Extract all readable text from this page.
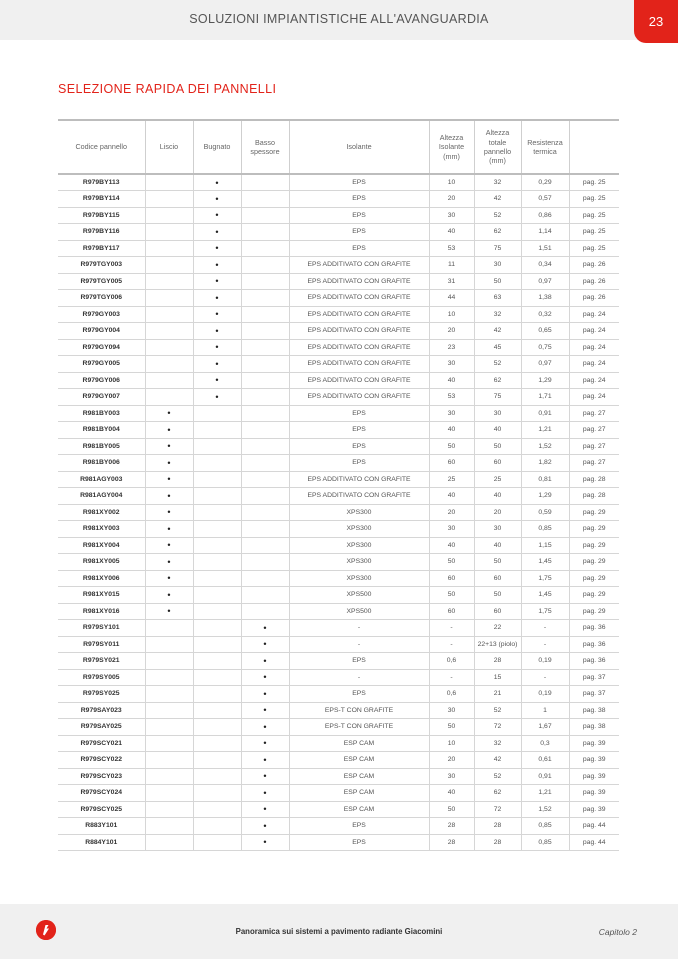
SOLUZIONI IMPIANTISTICHE ALL'AVANGUARDIA	23
SELEZIONE RAPIDA DEI PANNELLI
Codice pannello	Liscio	Bugnato	Basso spessore	Isolante	Altezza Isolante (mm)	Altezza totale pannello (mm)	Resistenza termica	
R979BY113		•		EPS	10	32	0,29	pag. 25
R979BY114		•		EPS	20	42	0,57	pag. 25
R979BY115		•		EPS	30	52	0,86	pag. 25
R979BY116		•		EPS	40	62	1,14	pag. 25
R979BY117		•		EPS	53	75	1,51	pag. 25
R979TGY003		•		EPS ADDITIVATO CON GRAFITE	11	30	0,34	pag. 26
R979TGY005		•		EPS ADDITIVATO CON GRAFITE	31	50	0,97	pag. 26
R979TGY006		•		EPS ADDITIVATO CON GRAFITE	44	63	1,38	pag. 26
R979GY003		•		EPS ADDITIVATO CON GRAFITE	10	32	0,32	pag. 24
R979GY004		•		EPS ADDITIVATO CON GRAFITE	20	42	0,65	pag. 24
R979GY094		•		EPS ADDITIVATO CON GRAFITE	23	45	0,75	pag. 24
R979GY005		•		EPS ADDITIVATO CON GRAFITE	30	52	0,97	pag. 24
R979GY006		•		EPS ADDITIVATO CON GRAFITE	40	62	1,29	pag. 24
R979GY007		•		EPS ADDITIVATO CON GRAFITE	53	75	1,71	pag. 24
R981BY003	•			EPS	30	30	0,91	pag. 27
R981BY004	•			EPS	40	40	1,21	pag. 27
R981BY005	•			EPS	50	50	1,52	pag. 27
R981BY006	•			EPS	60	60	1,82	pag. 27
R981AGY003	•			EPS ADDITIVATO CON GRAFITE	25	25	0,81	pag. 28
R981AGY004	•			EPS ADDITIVATO CON GRAFITE	40	40	1,29	pag. 28
R981XY002	•			XPS300	20	20	0,59	pag. 29
R981XY003	•			XPS300	30	30	0,85	pag. 29
R981XY004	•			XPS300	40	40	1,15	pag. 29
R981XY005	•			XPS300	50	50	1,45	pag. 29
R981XY006	•			XPS300	60	60	1,75	pag. 29
R981XY015	•			XPS500	50	50	1,45	pag. 29
R981XY016	•			XPS500	60	60	1,75	pag. 29
R979SY101			•	-	-	22	-	pag. 36
R979SY011			•	-	-	22+13 (piolo)	-	pag. 36
R979SY021			•	EPS	0,6	28	0,19	pag. 36
R979SY005			•	-	-	15	-	pag. 37
R979SY025			•	EPS	0,6	21	0,19	pag. 37
R979SAY023			•	EPS-T CON GRAFITE	30	52	1	pag. 38
R979SAY025			•	EPS-T CON GRAFITE	50	72	1,67	pag. 38
R979SCY021			•	ESP CAM	10	32	0,3	pag. 39
R979SCY022			•	ESP CAM	20	42	0,61	pag. 39
R979SCY023			•	ESP CAM	30	52	0,91	pag. 39
R979SCY024			•	ESP CAM	40	62	1,21	pag. 39
R979SCY025			•	ESP CAM	50	72	1,52	pag. 39
R883Y101			•	EPS	28	28	0,85	pag. 44
R884Y101			•	EPS	28	28	0,85	pag. 44
Panoramica sui sistemi a pavimento radiante Giacomini	Capitolo 2
